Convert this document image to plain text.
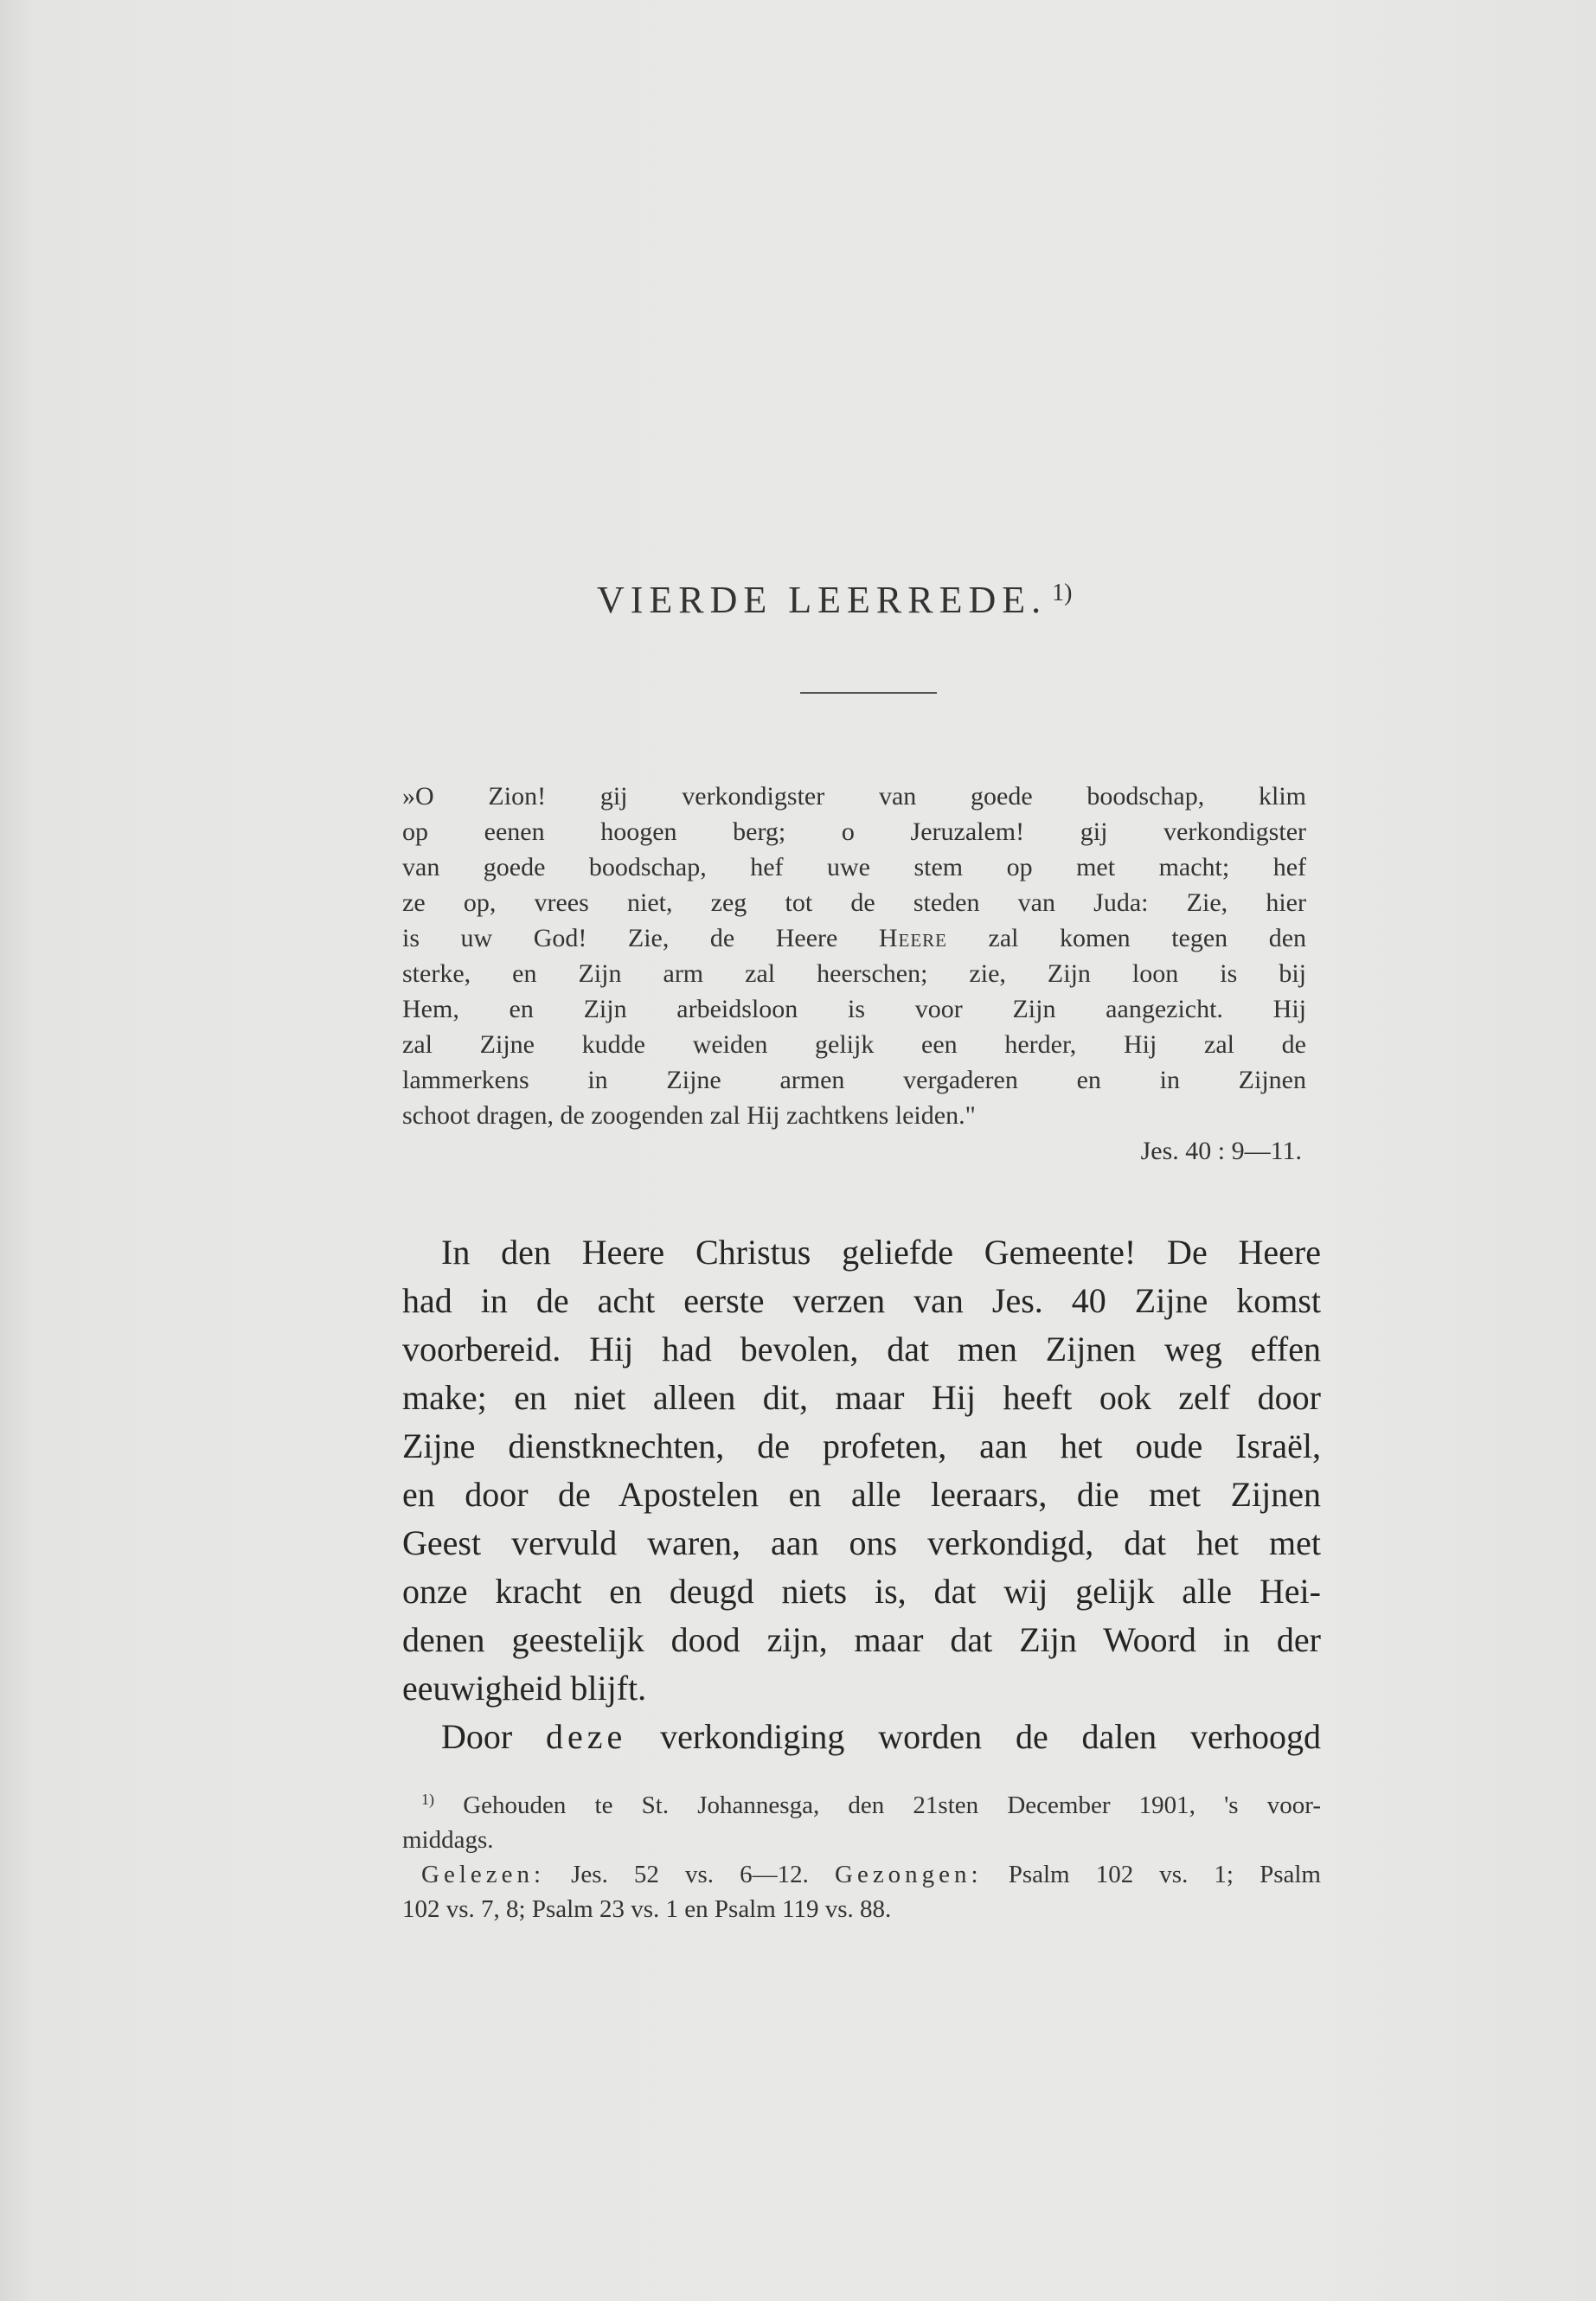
VIERDE LEERREDE. $^{1)}$
»O Zion! gij verkondigster van goede boodschap, klim
op eenen hoogen berg; o Jeruzalem! gij verkondigster
van goede boodschap, hef uwe stem op met macht; hef
ze op, vrees niet, zeg tot de steden van Juda: Zie, hier
is uw God! Zie, de Heere Heere zal komen tegen den
sterke, en Zijn arm zal heerschen; zie, Zijn loon is bij
Hem, en Zijn arbeidsloon is voor Zijn aangezicht. Hij
zal Zijne kudde weiden gelijk een herder, Hij zal de
lammerkens in Zijne armen vergaderen en in Zijnen
schoot dragen, de zoogenden zal Hij zachtkens leiden."
Jes. 40 : 9—11.
In den Heere Christus geliefde Gemeente! De Heere
had in de acht eerste verzen van Jes. 40 Zijne komst
voorbereid. Hij had bevolen, dat men Zijnen weg effen
make; en niet alleen dit, maar Hij heeft ook zelf door
Zijne dienstknechten, de profeten, aan het oude Israël,
en door de Apostelen en alle leeraars, die met Zijnen
Geest vervuld waren, aan ons verkondigd, dat het met
onze kracht en deugd niets is, dat wij gelijk alle Hei-
denen geestelijk dood zijn, maar dat Zijn Woord in der
eeuwigheid blijft.
Door deze verkondiging worden de dalen verhoogd
$^{1)}$ Gehouden te St. Johannesga, den 21sten December 1901, 's voor-
middags.
Gelezen: Jes. 52 vs. 6—12. Gezongen: Psalm 102 vs. 1; Psalm
102 vs. 7, 8; Psalm 23 vs. 1 en Psalm 119 vs. 88.
